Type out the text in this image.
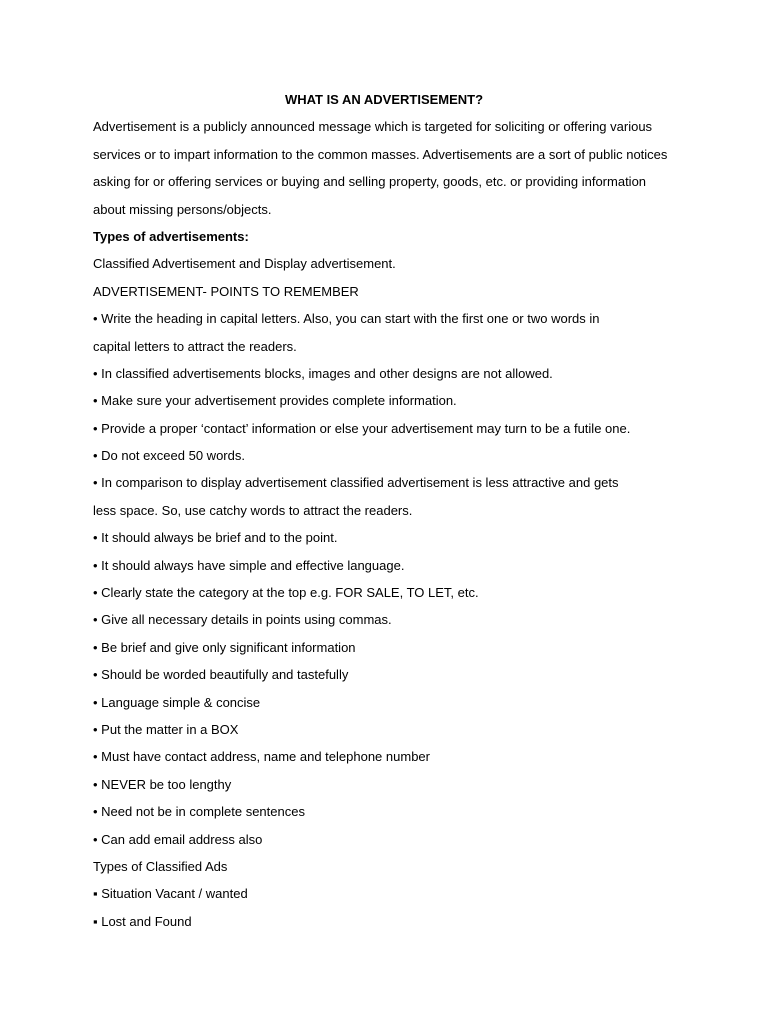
WHAT IS AN ADVERTISEMENT?
Advertisement is a publicly announced message which is targeted for soliciting or offering various
services or to impart information to the common masses. Advertisements are a sort of public notices
asking for or offering services or buying and selling property, goods, etc. or providing information
about missing persons/objects.
Types of advertisements:
Classified Advertisement and Display advertisement.
ADVERTISEMENT- POINTS TO REMEMBER
• Write the heading in capital letters. Also, you can start with the first one or two words in
capital letters to attract the readers.
• In classified advertisements blocks, images and other designs are not allowed.
• Make sure your advertisement provides complete information.
• Provide a proper ‘contact’ information or else your advertisement may turn to be a futile one.
• Do not exceed 50 words.
• In comparison to display advertisement classified advertisement is less attractive and gets
less space. So, use catchy words to attract the readers.
• It should always be brief and to the point.
• It should always have simple and effective language.
• Clearly state the category at the top e.g. FOR SALE, TO LET, etc.
• Give all necessary details in points using commas.
• Be brief and give only significant information
• Should be worded beautifully and tastefully
• Language simple & concise
• Put the matter in a BOX
• Must have contact address, name and telephone number
• NEVER be too lengthy
• Need not be in complete sentences
• Can add email address also
Types of Classified Ads
▪ Situation Vacant / wanted
▪ Lost and Found
